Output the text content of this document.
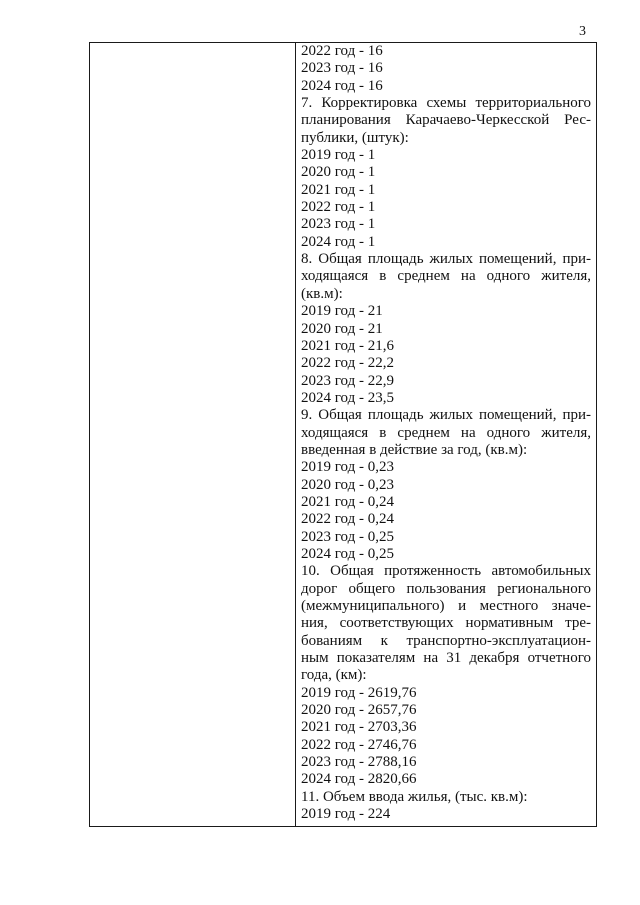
3
2022 год - 16
2023 год - 16
2024 год - 16
7. Корректировка схемы территориального
планирования Карачаево-Черкесской Рес-
публики, (штук):
2019 год - 1
2020 год - 1
2021 год - 1
2022 год - 1
2023 год - 1
2024 год - 1
8. Общая площадь жилых помещений, при-
ходящаяся в среднем на одного жителя,
(кв.м):
2019 год - 21
2020 год - 21
2021 год - 21,6
2022 год - 22,2
2023 год - 22,9
2024 год - 23,5
9. Общая площадь жилых помещений, при-
ходящаяся в среднем на одного жителя,
введенная в действие за год, (кв.м):
2019 год - 0,23
2020 год - 0,23
2021 год - 0,24
2022 год - 0,24
2023 год - 0,25
2024 год - 0,25
10. Общая протяженность автомобильных
дорог общего пользования регионального
(межмуниципального) и местного значе-
ния, соответствующих нормативным тре-
бованиям к транспортно-эксплуатацион-
ным показателям на 31 декабря отчетного
года, (км):
2019 год - 2619,76
2020 год - 2657,76
2021 год - 2703,36
2022 год - 2746,76
2023 год - 2788,16
2024 год - 2820,66
11. Объем ввода жилья, (тыс. кв.м):
2019 год - 224
